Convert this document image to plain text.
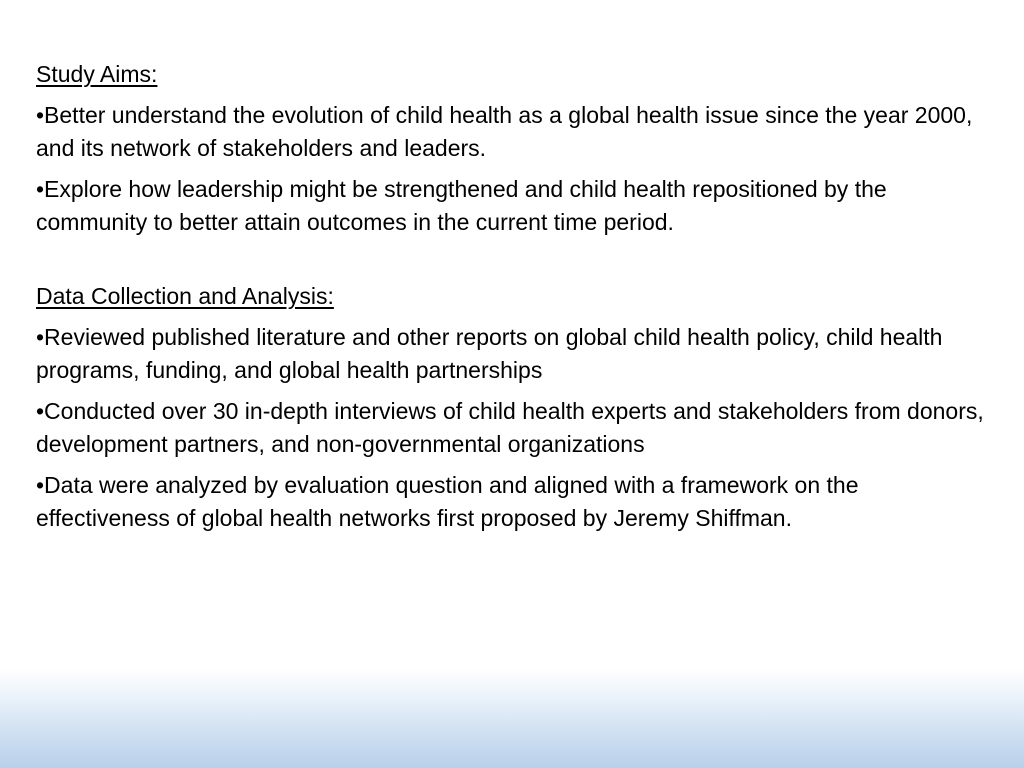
Study Aims:
•Better understand the evolution of child health as a global health issue since the year 2000, and its network of stakeholders and leaders.
•Explore how leadership might be strengthened and child health repositioned by the community to better attain outcomes in the current time period.
Data Collection and Analysis:
•Reviewed published literature and other reports on global child health policy, child health programs, funding, and global health partnerships
•Conducted over 30 in-depth interviews of child health experts and stakeholders from donors, development partners, and non-governmental organizations
•Data were analyzed by evaluation question and aligned with a framework on the effectiveness of global health networks first proposed by Jeremy Shiffman.
